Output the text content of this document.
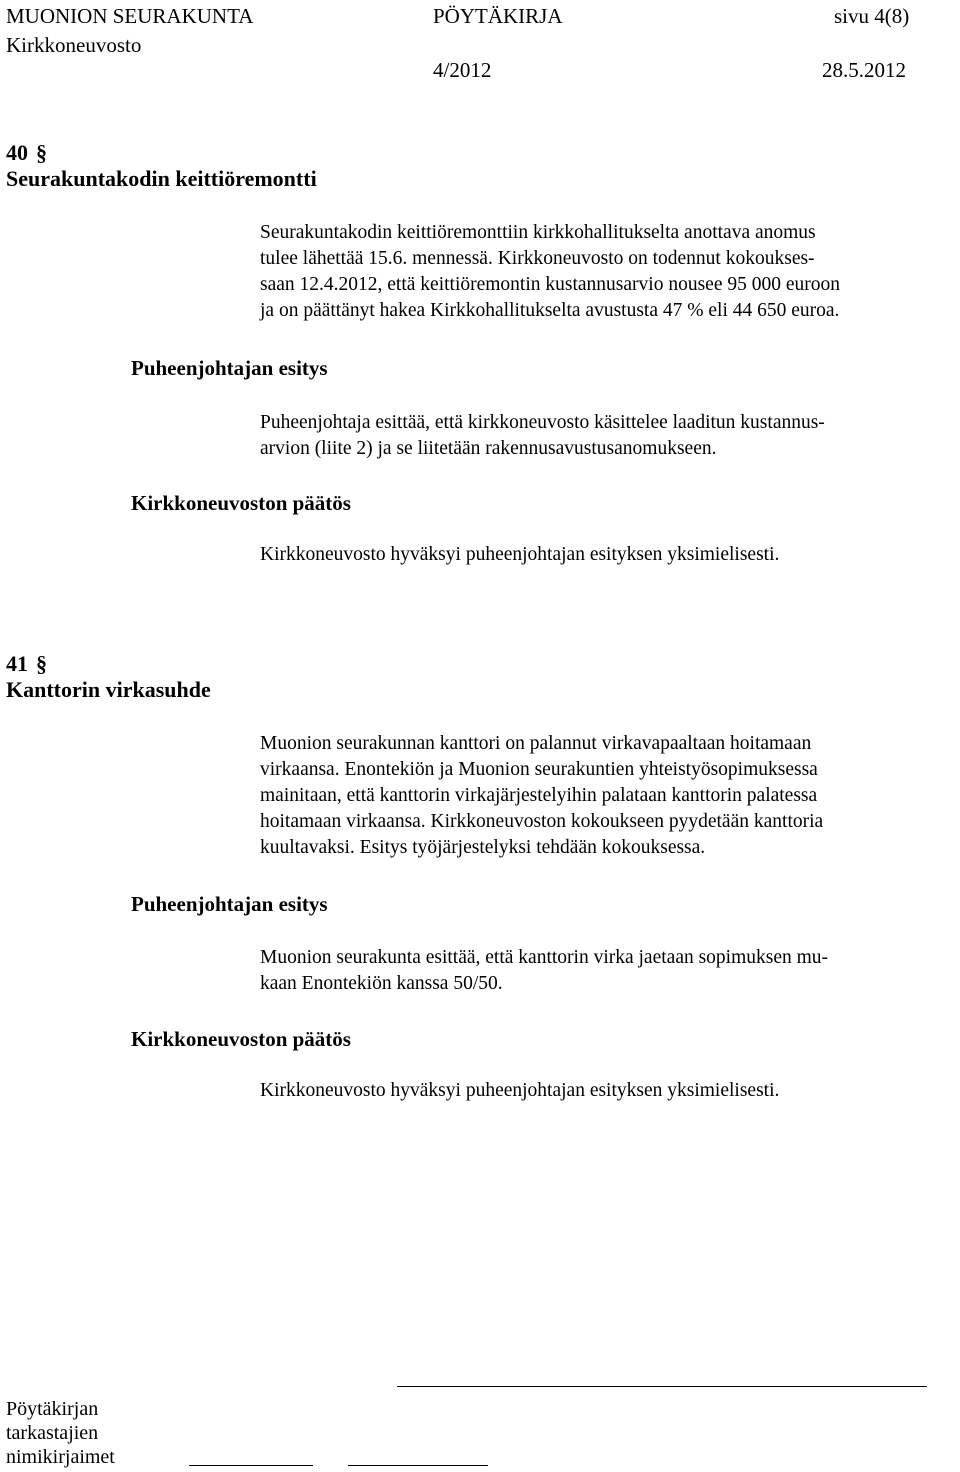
MUONION SEURAKUNTA	PÖYTÄKIRJA	sivu 4(8)
Kirkkoneuvosto
4/2012	28.5.2012
40 §
Seurakuntakodin keittiöremontti
Seurakuntakodin keittiöremonttiin kirkkohallitukselta anottava anomus
tulee lähettää 15.6. mennessä. Kirkkoneuvosto on todennut kokoukses-
saan 12.4.2012, että keittiöremontin kustannusarvio nousee 95 000 euroon
ja on päättänyt hakea Kirkkohallitukselta avustusta 47 % eli 44 650 euroa.
Puheenjohtajan esitys
Puheenjohtaja esittää, että kirkkoneuvosto käsittelee laaditun kustannus-
arvion (liite 2) ja se liitetään rakennusavustusanomukseen.
Kirkkoneuvoston päätös
Kirkkoneuvosto hyväksyi puheenjohtajan esityksen yksimielisesti.
41 §
Kanttorin virkasuhde
Muonion seurakunnan kanttori on palannut virkavapaaltaan hoitamaan
virkaansa. Enontekiön ja Muonion seurakuntien yhteistyösopimuksessa
mainitaan, että kanttorin virkajärjestelyihin palataan kanttorin palatessa
hoitamaan virkaansa. Kirkkoneuvoston kokoukseen pyydetään kanttoria
kuultavaksi. Esitys työjärjestelyksi tehdään kokouksessa.
Puheenjohtajan esitys
Muonion seurakunta esittää, että kanttorin virka jaetaan sopimuksen mu-
kaan Enontekiön kanssa 50/50.
Kirkkoneuvoston päätös
Kirkkoneuvosto hyväksyi puheenjohtajan esityksen yksimielisesti.
Pöytäkirjan
tarkastajien
nimikirjaimet
